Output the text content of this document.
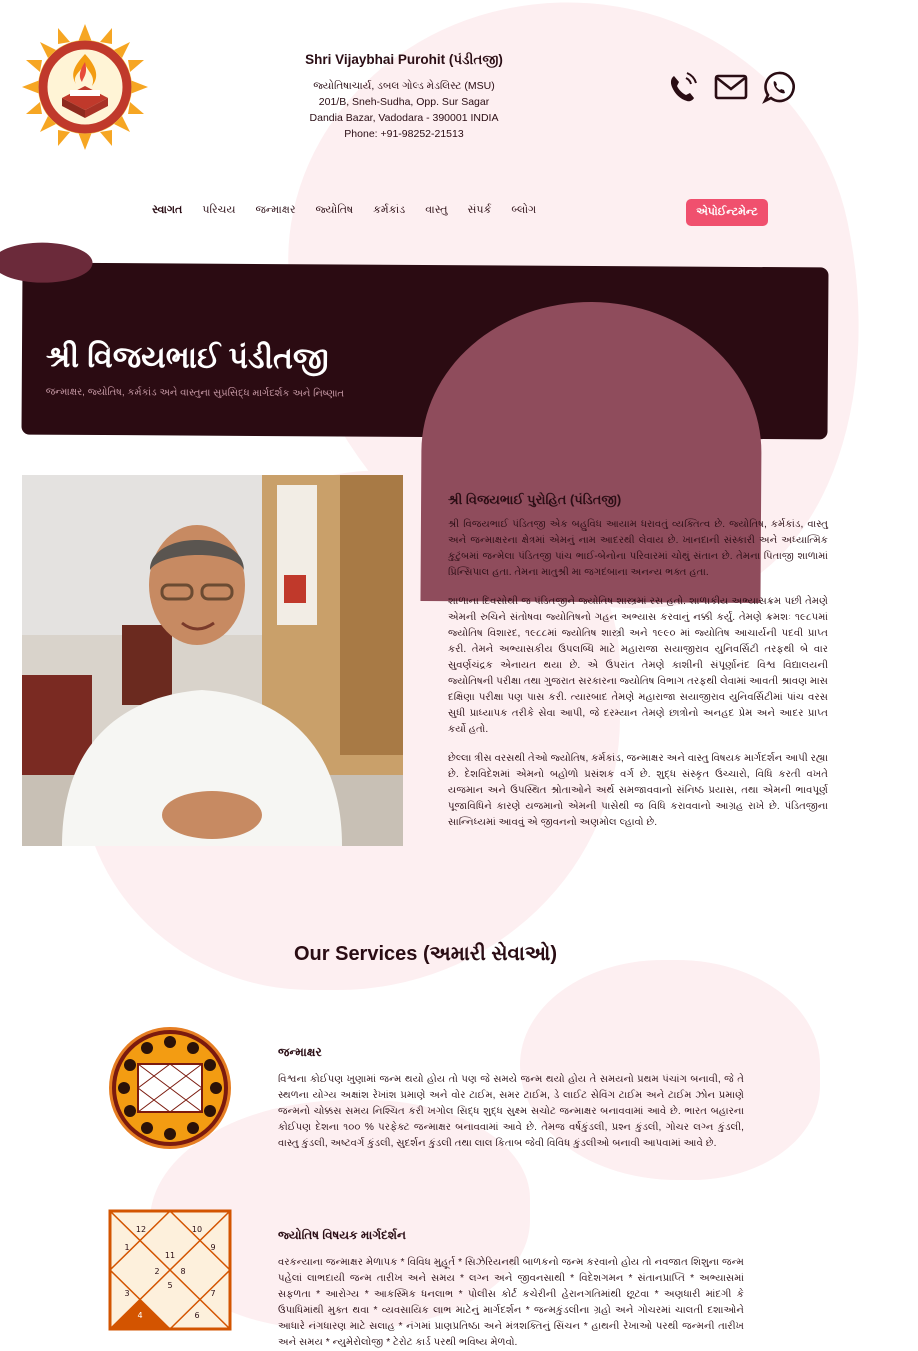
Shri Vijaybhai Purohit (પંડીતજી)
જ્યોતિષાચાર્ય, ડબલ ગોલ્ડ મેડલિસ્ટ (MSU)
201/B, Sneh-Sudha, Opp. Sur Sagar
Dandia Bazar, Vadodara - 390001 INDIA
Phone: +91-98252-21513
સ્વાગત પરિચય જન્માક્ષર જ્યોતિષ કર્મકાંડ વાસ્તુ સંપર્ક બ્લોગ	એપોઈન્ટમેન્ટ
શ્રી વિજયભાઈ પંડીતજી
જન્માક્ષર, જ્યોતિષ, કર્મકાંડ અને વાસ્તુના સુપ્રસિદ્ધ માર્ગદર્શક અને નિષ્ણાત
શ્રી વિજયભાઈ પુરોહિત (પંડિતજી)

શ્રી વિજયભાઈ પંડિતજી એક બહુવિધ આયામ ધરાવતું વ્યક્તિત્વ છે. જ્યોતિષ, કર્મકાંડ, વાસ્તુ અને જન્માક્ષરના ક્ષેત્રમાં એમનું નામ આદરથી લેવાય છે. ખાનદાની સંસ્કારી અને અધ્યાત્મિક કુટુંબમાં જન્મેલા પંડિતજી પાંચ ભાઈ-બેનોના પરિવારમાં ચોથું સંતાન છે. તેમના પિતાજી શાળામાં પ્રિન્સિપાલ હતા. તેમના માતુશ્રી મા જગદંબાના અનન્ય ભક્ત હતા.

શાળાના દિવસોથી જ પંડિતજીને જ્યોતિષ શાસ્ત્રમાં રસ હતો. શાળાકીય અભ્યાસક્રમ પછી તેમણે એમની રુચિને સંતોષવા જ્યોતિષનો ગહન અભ્યાસ કરવાનું નક્કી કર્યું. તેમણે ક્રમશઃ ૧૯૮૫માં જ્યોતિષ વિશારદ, ૧૯૮૮માં જ્યોતિષ શાસ્ત્રી અને ૧૯૯૦ માં જ્યોતિષ આચાર્યની પદવી પ્રાપ્ત કરી. તેમને અભ્યાસકીય ઉપલબ્ધિ માટે મહારાજા સયાજીરાવ યુનિવર્સિટી તરફથી બે વાર સુવર્ણચંદ્રક એનાયત થયા છે. એ ઉપરાંત તેમણે કાશીની સંપૂર્ણાનંદ વિશ્વ વિદ્યાલયની જ્યોતિષની પરીક્ષા તથા ગુજરાત સરકારના જ્યોતિષ વિભાગ તરફથી લેવામાં આવતી શ્રાવણ માસ દક્ષિણા પરીક્ષા પણ પાસ કરી. ત્યારબાદ તેમણે મહારાજા સયાજીરાવ યુનિવર્સિટીમાં પાંચ વરસ સુધી પ્રાધ્યાપક તરીકે સેવા આપી, જે દરમ્યાન તેમણે છાત્રોનો અનહદ પ્રેમ અને આદર પ્રાપ્ત કર્યો હતો.

છેલ્લા ત્રીસ વરસથી તેઓ જ્યોતિષ, કર્મકાંડ, જન્માક્ષર અને વાસ્તુ વિષયક માર્ગદર્શન આપી રહ્યા છે. દેશવિદેશમાં એમનો બહોળો પ્રસંશક વર્ગ છે. શુદ્ધ સંસ્કૃત ઉચ્ચારો, વિધિ કરતી વખતે યજમાન અને ઉપસ્થિત શ્રોતાઓને અર્થ સમજાવવાનો સંનિષ્ઠ પ્રયાસ, તથા એમની ભાવપૂર્ણ પૂજાવિધિને કારણે યજમાનો એમની પાસેથી જ વિધિ કરાવવાનો આગ્રહ રાખે છે. પંડિતજીના સાન્નિધ્યમાં આવવું એ જીવનનો અણમોલ લ્હાવો છે.

Our Services (અમારી સેવાઓ)
જન્માક્ષર

વિશ્વના કોઈપણ ખુણામાં જન્મ થયો હોય તો પણ જે સમયે જન્મ થયો હોય તે સમયનો પ્રથમ પંચાંગ બનાવી, જે તે સ્થળના યોગ્ય અક્ષાંશ રેખાંશ પ્રમાણે અને વોર ટાઈમ, સમર ટાઈમ, ડે લાઈટ સેવિંગ ટાઈમ અને ટાઈમ ઝોન પ્રમાણે જન્મનો ચોક્કસ સમય નિશ્ચિત કરી ખગોલ સિદ્ધ શુદ્ધ સુક્ષ્મ સચોટ જન્માક્ષર બનાવવામાં આવે છે. ભારત બહારના કોઈપણ દેશના ૧૦૦ % પરફેક્ટ જન્માક્ષર બનાવવામાં આવે છે. તેમજ વર્ષકુંડલી, પ્રશ્ન કુંડલી, ગોચર લગ્ન કુંડલી, વાસ્તુ કુંડલી, અષ્ટવર્ગ કુંડલી, સુદર્શન કુંડલી તથા લાલ કિતાબ જેવી વિવિધ કુંડલીઓ બનાવી આપવામાં આવે છે.

12	10
1
11
9
2	8
3
5
7
4	6
જ્યોતિષ વિષયક માર્ગદર્શન

વરકન્યાના જન્માક્ષર મેળાપક * વિવિધ મુહૂર્ત * સિઝેરિયનથી બાળકનો જન્મ કરવાનો હોય તો નવજાત શિશુના જન્મ પહેલાં લાભદાયી જન્મ તારીખ અને સમય * લગ્ન અને જીવનસાથી * વિદેશગમન * સંતાનપ્રાપ્તિ * અભ્યાસમાં સફળતા * આરોગ્ય * આકસ્મિક ધનલાભ * પોલીસ કોર્ટ કચેરીની હેરાનગતિમાંથી છૂટવા * અણધારી માંદગી કે ઉપાધિમાંથી મુક્ત થવા * વ્યવસાયિક લાભ માટેનું માર્ગદર્શન * જન્મકુંડલીના ગ્રહો અને ગોચરમાં ચાલતી દશાઓને આધારે નંગધારણ માટે સલાહ * નંગમાં પ્રાણપ્રતિષ્ઠા અને મંત્રશક્તિનું સિંચન * હાથની રેખાઓ પરથી જન્મની તારીખ અને સમય * ન્યુમેરોલોજી * ટેરોટ કાર્ડ પરથી ભવિષ્ય મેળવો.
